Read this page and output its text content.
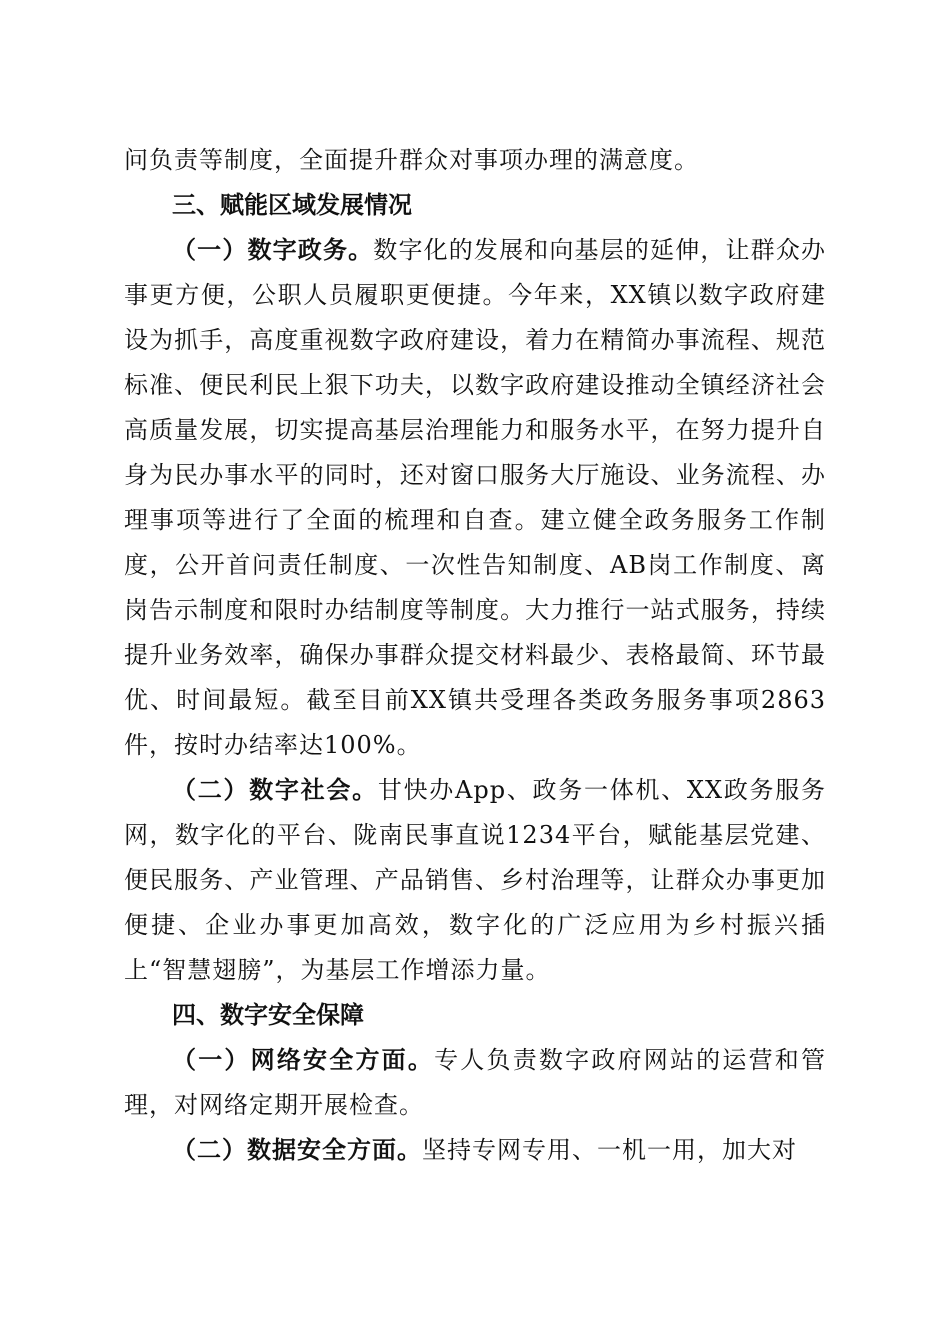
问负责等制度，全面提升群众对事项办理的满意度。

三、赋能区域发展情况

（一）数字政务。数字化的发展和向基层的延伸，让群众办事更方便，公职人员履职更便捷。今年来，XX镇以数字政府建设为抓手，高度重视数字政府建设，着力在精简办事流程、规范标准、便民利民上狠下功夫，以数字政府建设推动全镇经济社会高质量发展，切实提高基层治理能力和服务水平，在努力提升自身为民办事水平的同时，还对窗口服务大厅施设、业务流程、办理事项等进行了全面的梳理和自查。建立健全政务服务工作制度，公开首问责任制度、一次性告知制度、AB岗工作制度、离岗告示制度和限时办结制度等制度。大力推行一站式服务，持续提升业务效率，确保办事群众提交材料最少、表格最简、环节最优、时间最短。截至目前XX镇共受理各类政务服务事项2863件，按时办结率达100%。

（二）数字社会。甘快办App、政务一体机、XX政务服务网，数字化的平台、陇南民事直说1234平台，赋能基层党建、便民服务、产业管理、产品销售、乡村治理等，让群众办事更加便捷、企业办事更加高效，数字化的广泛应用为乡村振兴插上“智慧翅膀”，为基层工作增添力量。

四、数字安全保障

（一）网络安全方面。专人负责数字政府网站的运营和管理，对网络定期开展检查。

（二）数据安全方面。坚持专网专用、一机一用，加大对
